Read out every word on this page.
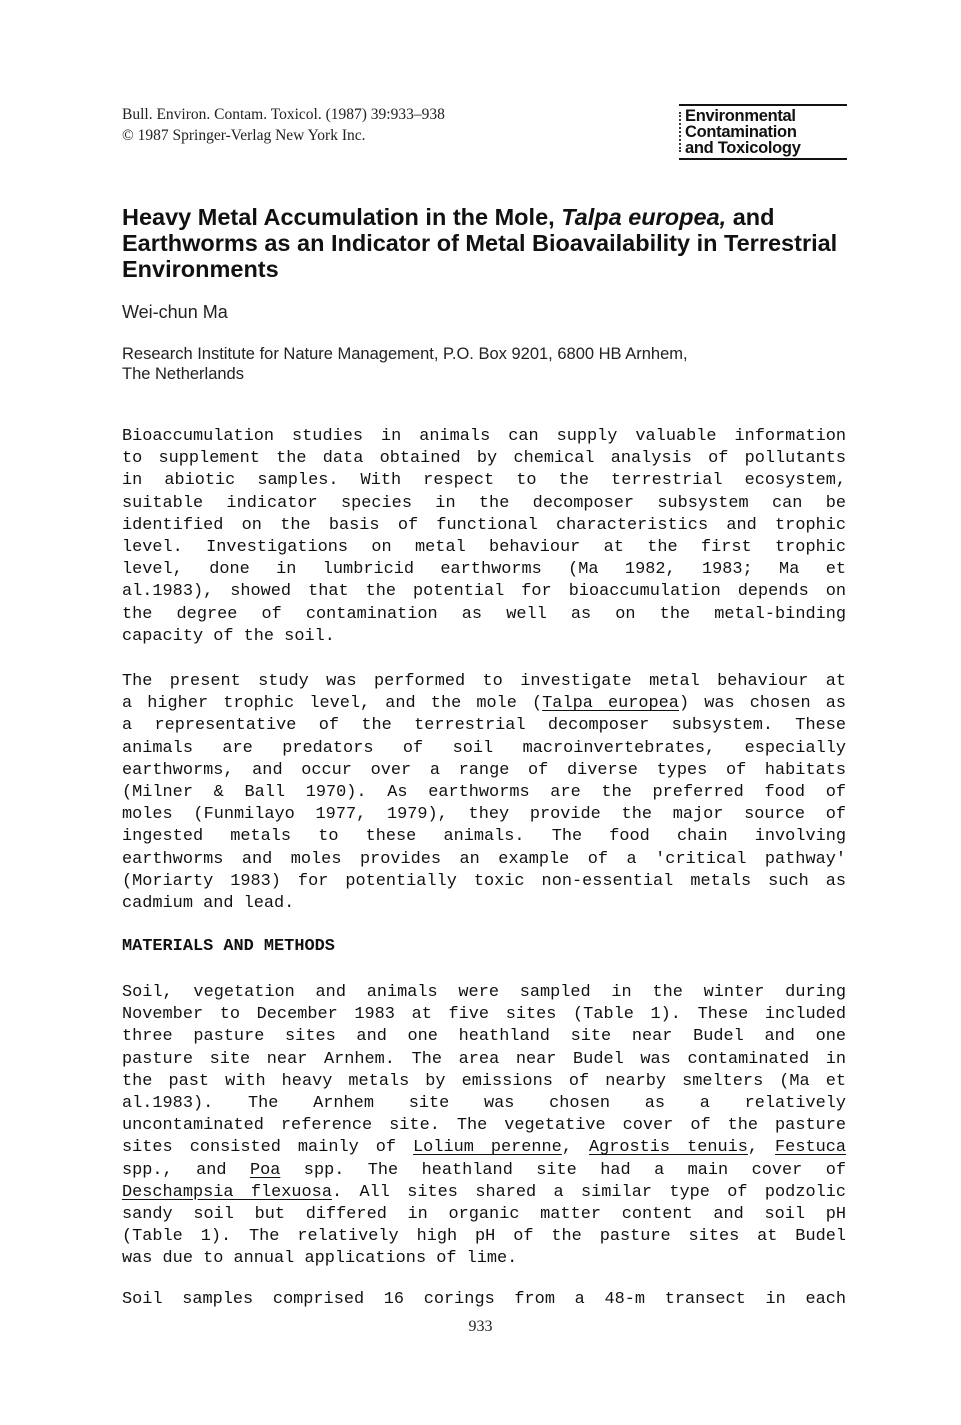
Bull. Environ. Contam. Toxicol. (1987) 39:933–938
© 1987 Springer-Verlag New York Inc.
Environmental
Contamination
and Toxicology
Heavy Metal Accumulation in the Mole, Talpa europea, and Earthworms as an Indicator of Metal Bioavailability in Terrestrial Environments
Wei-chun Ma
Research Institute for Nature Management, P.O. Box 9201, 6800 HB Arnhem,
The Netherlands
Bioaccumulation studies in animals can supply valuable information
to supplement the data obtained by chemical analysis of pollutants
in abiotic samples. With respect to the terrestrial ecosystem,
suitable indicator species in the decomposer subsystem can be
identified on the basis of functional characteristics and trophic
level. Investigations on metal behaviour at the first trophic
level, done in lumbricid earthworms (Ma 1982, 1983; Ma et
al.1983), showed that the potential for bioaccumulation depends on
the degree of contamination as well as on the metal-binding
capacity of the soil.
The present study was performed to investigate metal behaviour at
a higher trophic level, and the mole (Talpa europea) was chosen as
a representative of the terrestrial decomposer subsystem. These
animals are predators of soil macroinvertebrates, especially
earthworms, and occur over a range of diverse types of habitats
(Milner & Ball 1970). As earthworms are the preferred food of
moles (Funmilayo 1977, 1979), they provide the major source of
ingested metals to these animals. The food chain involving
earthworms and moles provides an example of a 'critical pathway'
(Moriarty 1983) for potentially toxic non-essential metals such as
cadmium and lead.
MATERIALS AND METHODS
Soil, vegetation and animals were sampled in the winter during
November to December 1983 at five sites (Table 1). These included
three pasture sites and one heathland site near Budel and one
pasture site near Arnhem. The area near Budel was contaminated in
the past with heavy metals by emissions of nearby smelters (Ma et
al.1983). The Arnhem site was chosen as a relatively
uncontaminated reference site. The vegetative cover of the pasture
sites consisted mainly of Lolium perenne, Agrostis tenuis, Festuca
spp., and Poa spp. The heathland site had a main cover of
Deschampsia flexuosa. All sites shared a similar type of podzolic
sandy soil but differed in organic matter content and soil pH
(Table 1). The relatively high pH of the pasture sites at Budel
was due to annual applications of lime.
Soil samples comprised 16 corings from a 48-m transect in each
933
